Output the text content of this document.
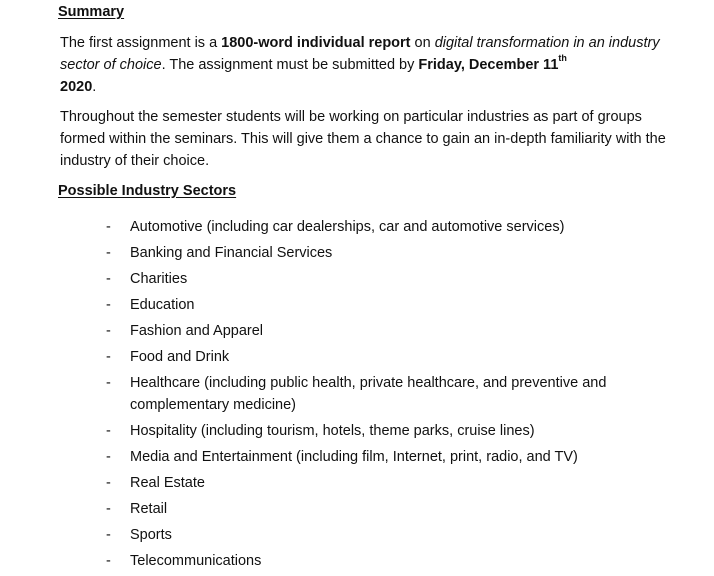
Summary

The first assignment is a 1800-word individual report on digital transformation in an industry sector of choice. The assignment must be submitted by Friday, December 11th
2020.

Throughout the semester students will be working on particular industries as part of groups formed within the seminars. This will give them a chance to gain an in-depth familiarity with the industry of their choice.

Possible Industry Sectors
- Automotive (including car dealerships, car and automotive services)
- Banking and Financial Services
- Charities
- Education
- Fashion and Apparel
- Food and Drink
- Healthcare (including public health, private healthcare, and preventive and complementary medicine)
- Hospitality (including tourism, hotels, theme parks, cruise lines)
- Media and Entertainment (including film, Internet, print, radio, and TV)
- Real Estate
- Retail
- Sports
- Telecommunications
